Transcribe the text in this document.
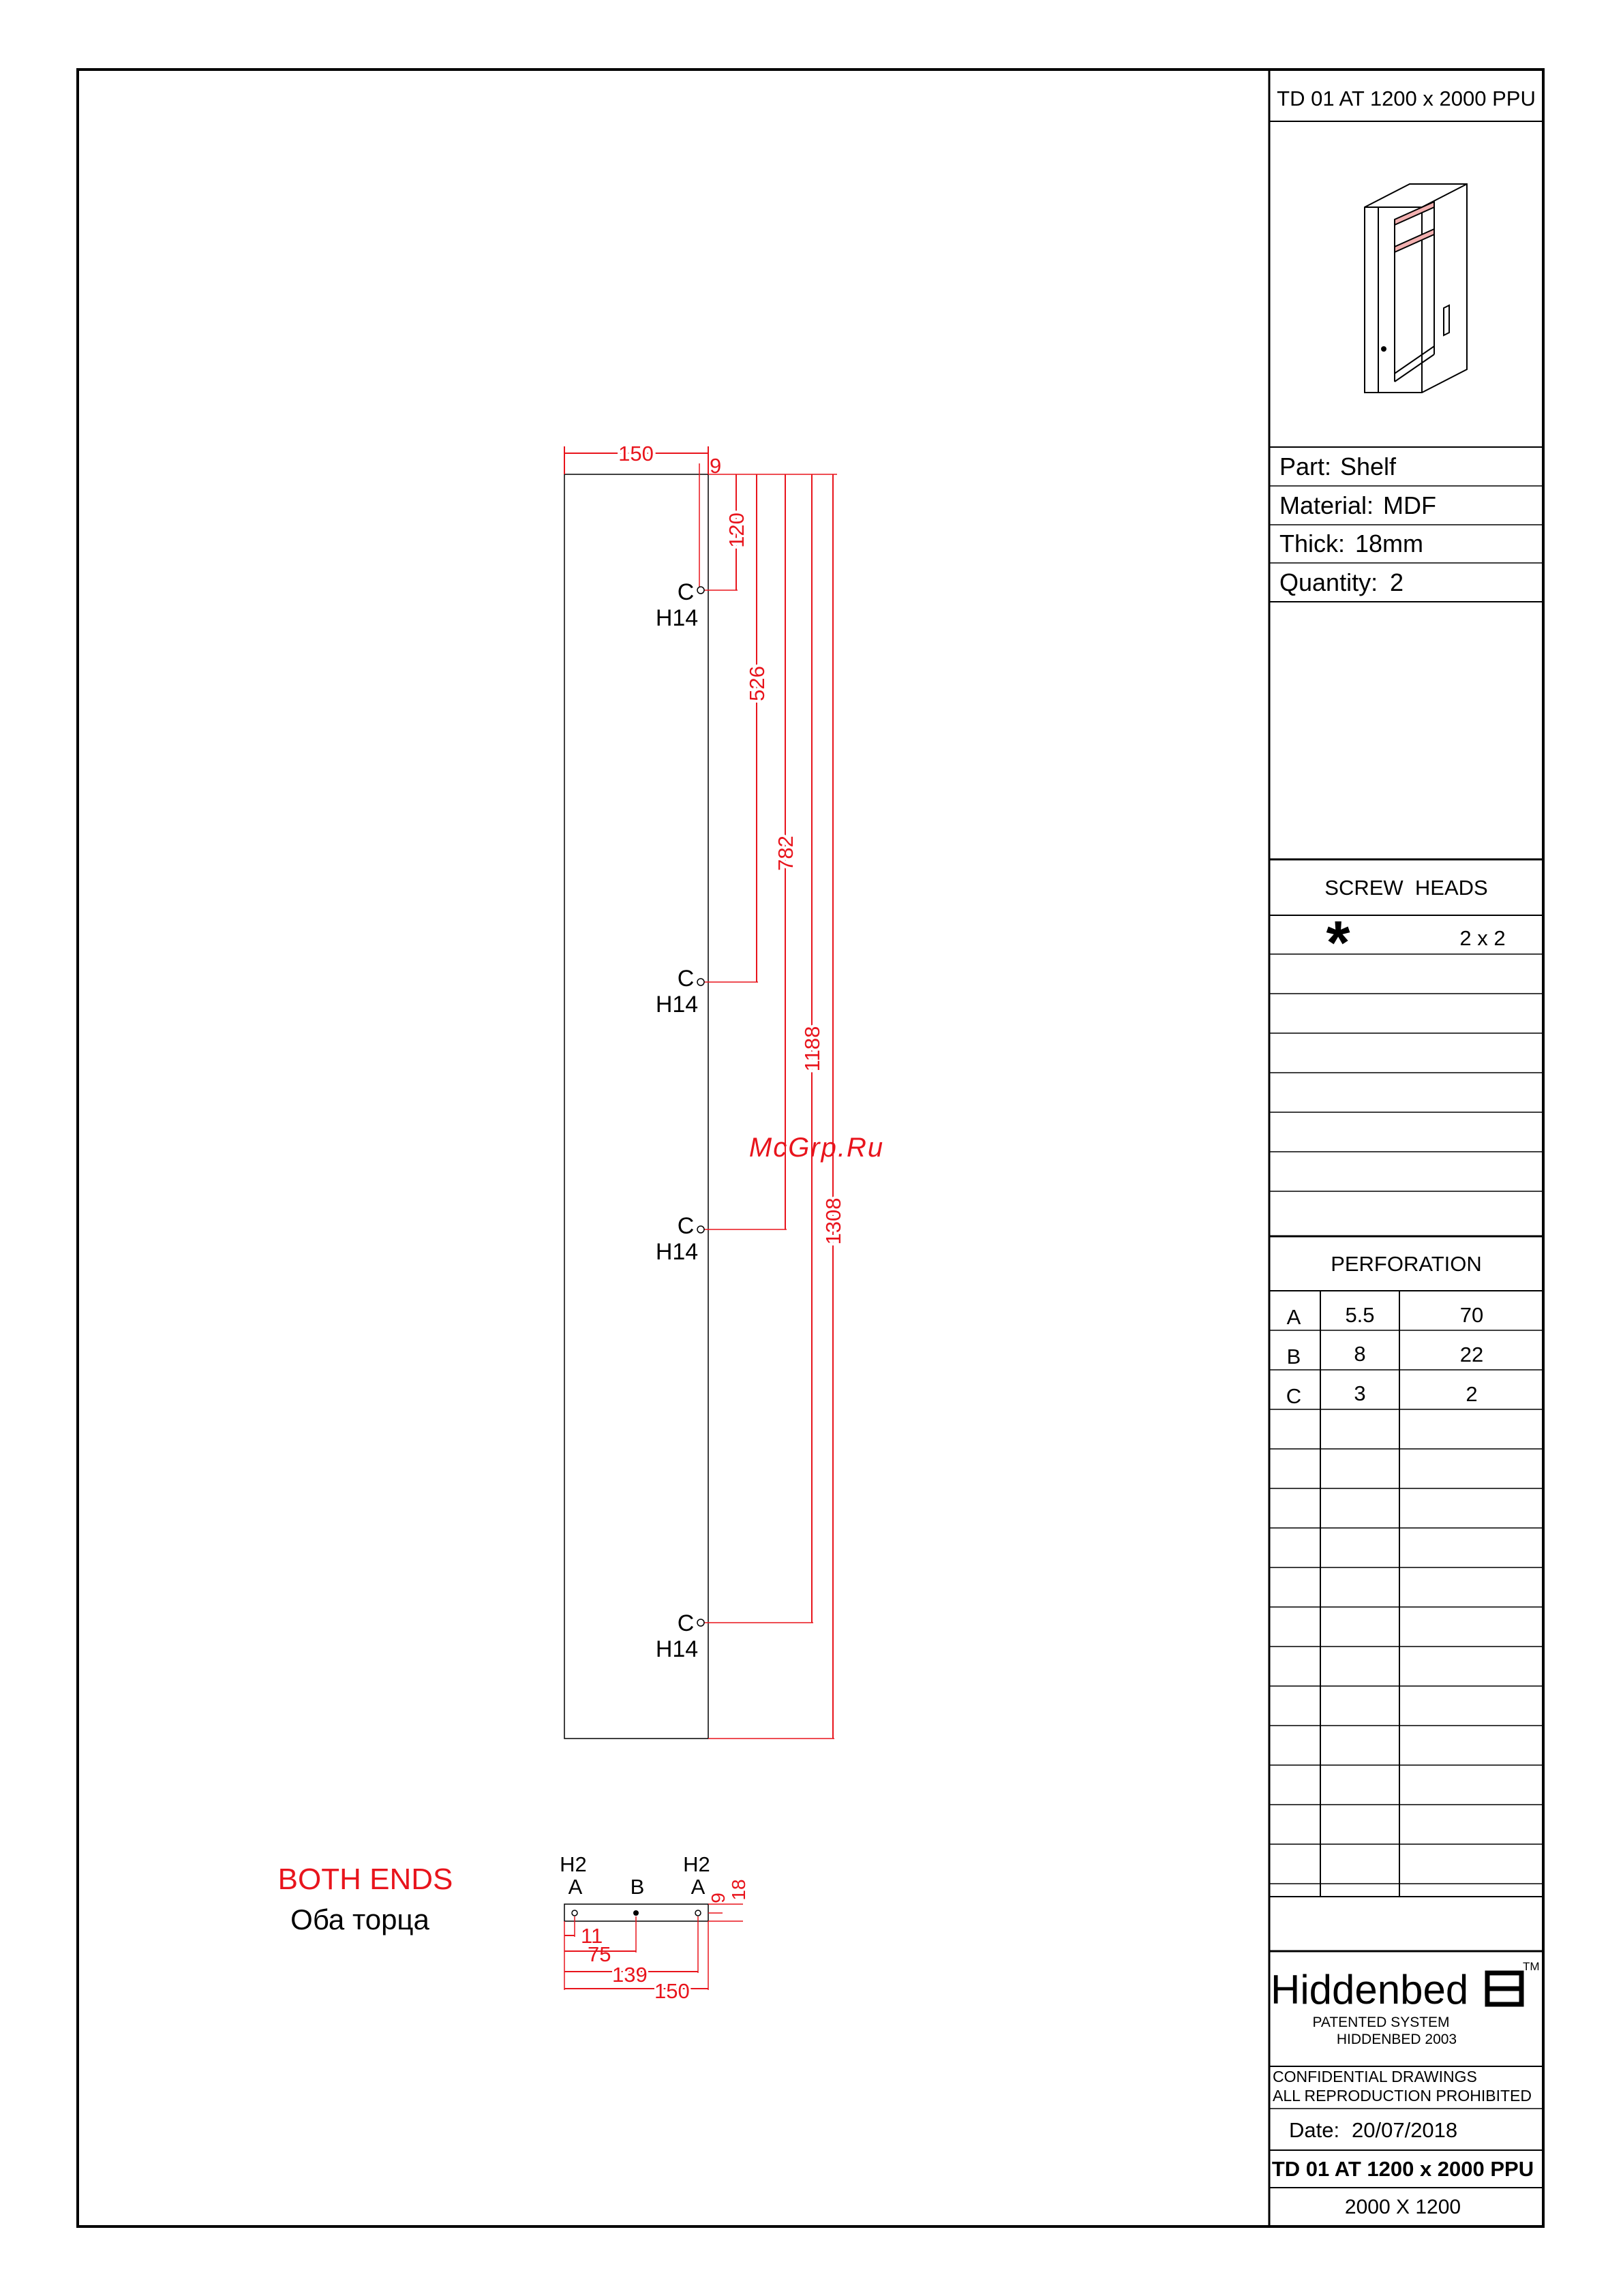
TD 01 AT 1200 x 2000 PPU
Part: Shelf
Material: MDF
Thick: 18mm
Quantity: 2
SCREW  HEADS
*	2 x 2
PERFORATION
A 5.5	70
B	8	22
C 3	2
Hiddenbed
TM
PATENTED SYSTEM
HIDDENBED 2003
CONFIDENTIAL DRAWINGS
ALL REPRODUCTION PROHIBITED
Date: 20/07/2018
TD 01 AT 1200 x 2000 PPU
2000 X 1200
150
9
120
526
782
1188
1308
C
H14
C
H14
C
H14
C
H14
McGrp.Ru
BOTH ENDS
Оба торца
H2
A B
H2
A 9 18
11
75
139
150
